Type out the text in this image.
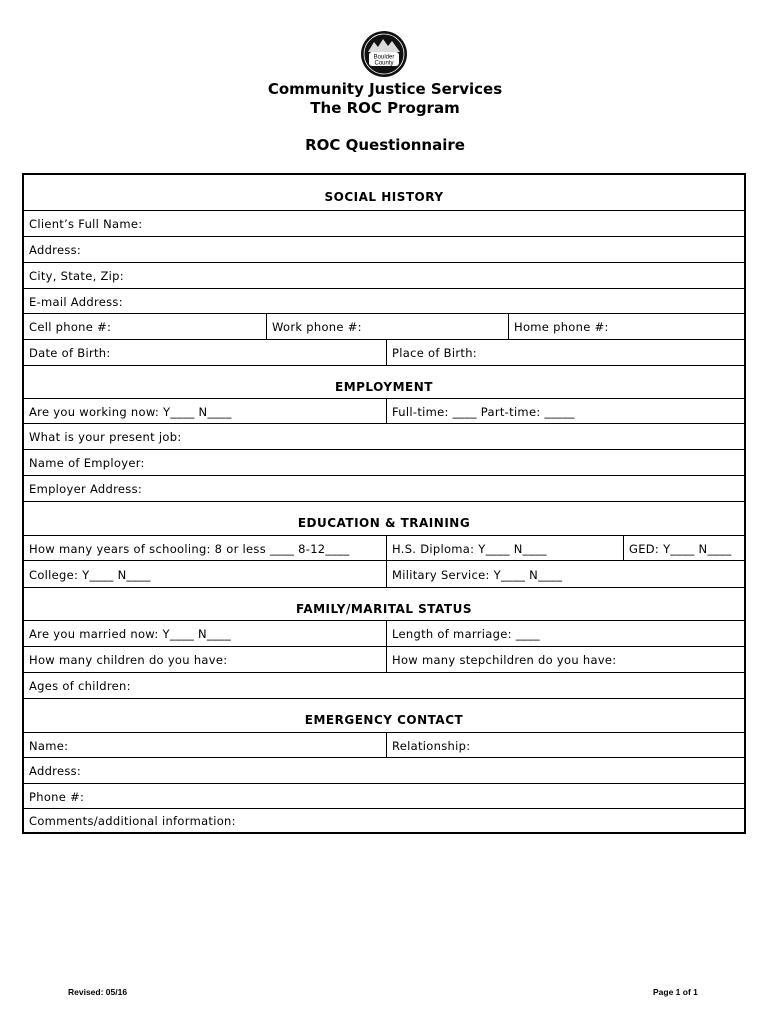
Boulder
County
Community Justice Services
The ROC Program
ROC Questionnaire
SOCIAL HISTORY
Client’s Full Name:
Address:
City, State, Zip:
E-mail Address:
Cell phone #:	Work phone #:	Home phone #:
Date of Birth:	Place of Birth:
EMPLOYMENT
Are you working now: Y____ N____	Full-time: ____ Part-time: _____
What is your present job:
Name of Employer:
Employer Address:
EDUCATION & TRAINING
How many years of schooling: 8 or less ____ 8-12____	H.S. Diploma: Y____ N____	GED: Y____ N____
College: Y____ N____	Military Service: Y____ N____
FAMILY/MARITAL STATUS
Are you married now: Y____ N____	Length of marriage: ____
How many children do you have:	How many stepchildren do you have:
Ages of children:
EMERGENCY CONTACT
Name:	Relationship:
Address:
Phone #:
Comments/additional information:
Revised: 05/16	Page 1 of 1
